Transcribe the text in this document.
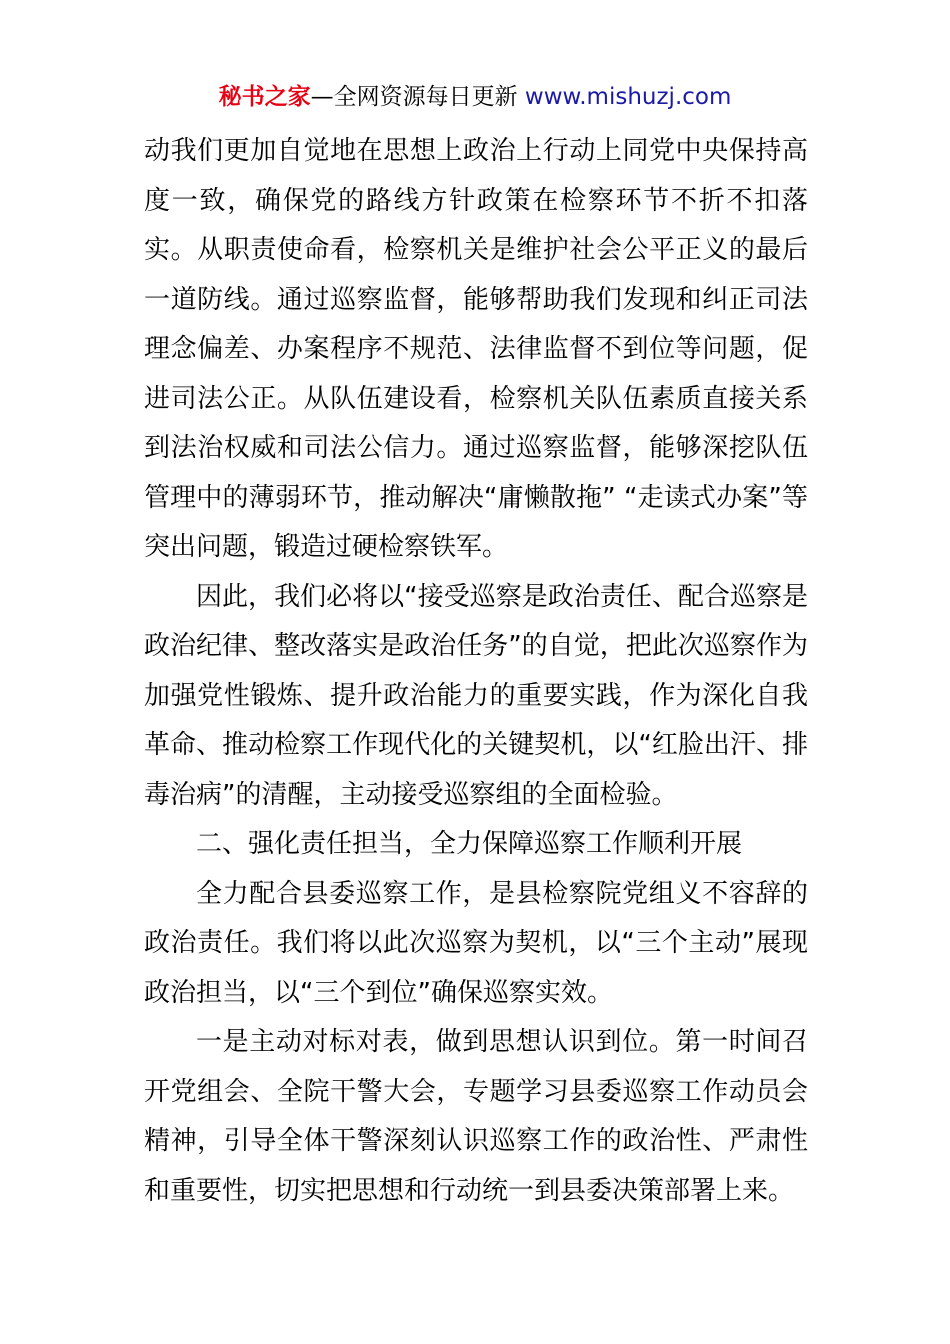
秘书之家—全网资源每日更新 www.mishuzj.com

动我们更加自觉地在思想上政治上行动上同党中央保持高度一致，确保党的路线方针政策在检察环节不折不扣落实。从职责使命看，检察机关是维护社会公平正义的最后一道防线。通过巡察监督，能够帮助我们发现和纠正司法理念偏差、办案程序不规范、法律监督不到位等问题，促进司法公正。从队伍建设看，检察机关队伍素质直接关系到法治权威和司法公信力。通过巡察监督，能够深挖队伍管理中的薄弱环节，推动解决“庸懒散拖” “走读式办案”等突出问题，锻造过硬检察铁军。

因此，我们必将以“接受巡察是政治责任、配合巡察是政治纪律、整改落实是政治任务”的自觉，把此次巡察作为加强党性锻炼、提升政治能力的重要实践，作为深化自我革命、推动检察工作现代化的关键契机，以“红脸出汗、排毒治病”的清醒，主动接受巡察组的全面检验。

二、强化责任担当，全力保障巡察工作顺利开展

全力配合县委巡察工作，是县检察院党组义不容辞的政治责任。我们将以此次巡察为契机，以“三个主动”展现政治担当，以“三个到位”确保巡察实效。

一是主动对标对表，做到思想认识到位。第一时间召开党组会、全院干警大会，专题学习县委巡察工作动员会精神，引导全体干警深刻认识巡察工作的政治性、严肃性和重要性，切实把思想和行动统一到县委决策部署上来。
